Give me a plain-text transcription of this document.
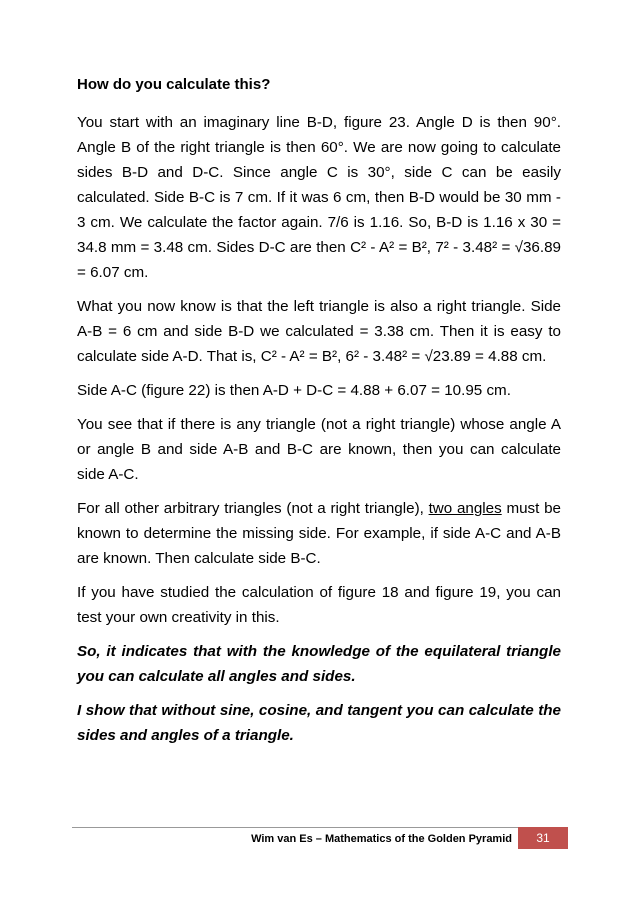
How do you calculate this?

You start with an imaginary line B-D, figure 23. Angle D is then 90°. Angle B of the right triangle is then 60°. We are now going to calculate sides B-D and D-C. Since angle C is 30°, side C can be easily calculated. Side B-C is 7 cm. If it was 6 cm, then B-D would be 30 mm - 3 cm. We calculate the factor again. 7/6 is 1.16. So, B-D is 1.16 x 30 = 34.8 mm = 3.48 cm. Sides D-C are then C² - A² = B², 7² - 3.48² = √36.89 = 6.07 cm.

What you now know is that the left triangle is also a right triangle. Side A-B = 6 cm and side B-D we calculated = 3.38 cm. Then it is easy to calculate side A-D. That is, C² - A² = B², 6² - 3.48² = √23.89 = 4.88 cm.

Side A-C (figure 22) is then A-D + D-C = 4.88 + 6.07 = 10.95 cm.

You see that if there is any triangle (not a right triangle) whose angle A or angle B and side A-B and B-C are known, then you can calculate side A-C.

For all other arbitrary triangles (not a right triangle), two angles must be known to determine the missing side. For example, if side A-C and A-B are known. Then calculate side B-C.

If you have studied the calculation of figure 18 and figure 19, you can test your own creativity in this.

So, it indicates that with the knowledge of the equilateral triangle you can calculate all angles and sides.

I show that without sine, cosine, and tangent you can calculate the sides and angles of a triangle.

Wim van Es – Mathematics of the Golden Pyramid	31
